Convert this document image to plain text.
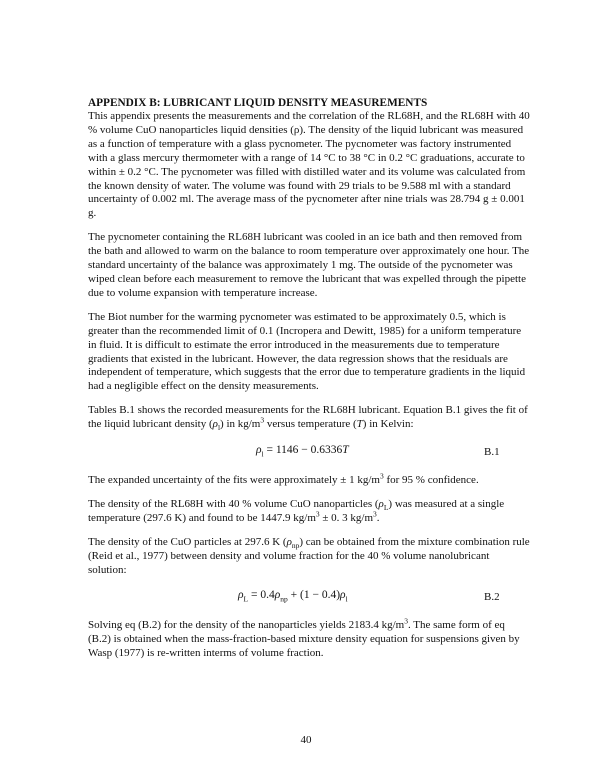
APPENDIX B: LUBRICANT LIQUID DENSITY MEASUREMENTS

This appendix presents the measurements and the correlation of the RL68H, and the RL68H with 40 % volume CuO nanoparticles liquid densities (ρ). The density of the liquid lubricant was measured as a function of temperature with a glass pycnometer. The pycnometer was factory instrumented with a glass mercury thermometer with a range of 14 °C to 38 °C in 0.2 °C graduations, accurate to within ± 0.2 °C. The pycnometer was filled with distilled water and its volume was calculated from the known density of water. The volume was found with 29 trials to be 9.588 ml with a standard uncertainty of 0.002 ml. The average mass of the pycnometer after nine trials was 28.794 g ± 0.001 g.

The pycnometer containing the RL68H lubricant was cooled in an ice bath and then removed from the bath and allowed to warm on the balance to room temperature over approximately one hour. The standard uncertainty of the balance was approximately 1 mg. The outside of the pycnometer was wiped clean before each measurement to remove the lubricant that was expelled through the pipette due to volume expansion with temperature increase.

The Biot number for the warming pycnometer was estimated to be approximately 0.5, which is greater than the recommended limit of 0.1 (Incropera and Dewitt, 1985) for a uniform temperature in fluid. It is difficult to estimate the error introduced in the measurements due to temperature gradients that existed in the lubricant. However, the data regression shows that the residuals are independent of temperature, which suggests that the error due to temperature gradients in the liquid had a negligible effect on the density measurements.

Tables B.1 shows the recorded measurements for the RL68H lubricant. Equation B.1 gives the fit of the liquid lubricant density $(\rho_l)$ in $kg/m^3$ versus temperature (T) in Kelvin:

$\rho_l = 1146 - 0.6336T$	B.1

The expanded uncertainty of the fits were approximately ± 1 $kg/m^3$ for 95 % confidence.

The density of the RL68H with 40 % volume CuO nanoparticles $(\rho_L)$ was measured at a single temperature (297.6 K) and found to be 1447.9 $kg/m^3 \pm 0$. 3 $kg/m^3$.

The density of the CuO particles at 297.6 K $(\rho_{np})$ can be obtained from the mixture combination rule (Reid et al., 1977) between density and volume fraction for the 40 % volume nanolubricant solution:

$\rho_L = 0.4\rho_{np} + (1 - 0.4)\rho_l$	B.2

Solving eq (B.2) for the density of the nanoparticles yields 2183.4 $kg/m^3$. The same form of eq (B.2) is obtained when the mass-fraction-based mixture density equation for suspensions given by Wasp (1977) is re-written interms of volume fraction.

40
